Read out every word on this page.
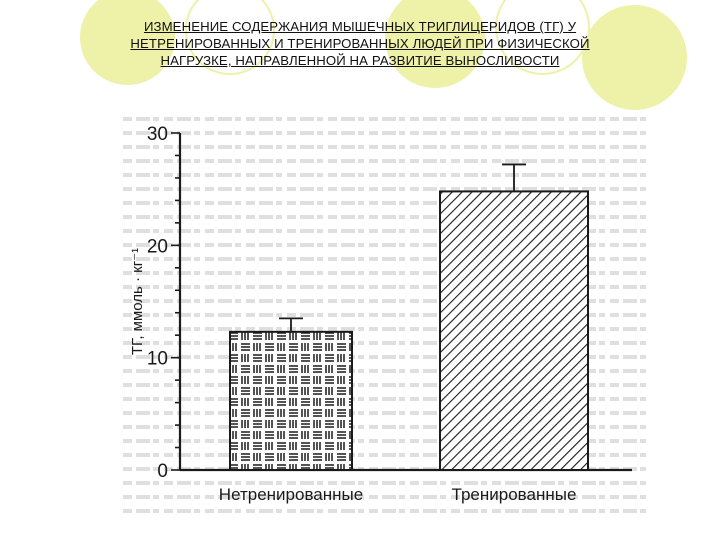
ИЗМЕНЕНИЕ СОДЕРЖАНИЯ МЫШЕЧНЫХ ТРИГЛИЦЕРИДОВ (ТГ) У
НЕТРЕНИРОВАННЫХ И ТРЕНИРОВАННЫХ ЛЮДЕЙ ПРИ ФИЗИЧЕСКОЙ
НАГРУЗКЕ, НАПРАВЛЕННОЙ НА РАЗВИТИЕ ВЫНОСЛИВОСТИ
0
10
20
30
Нетренированные	Тренированные
ТГ, ммоль · кг⁻¹
